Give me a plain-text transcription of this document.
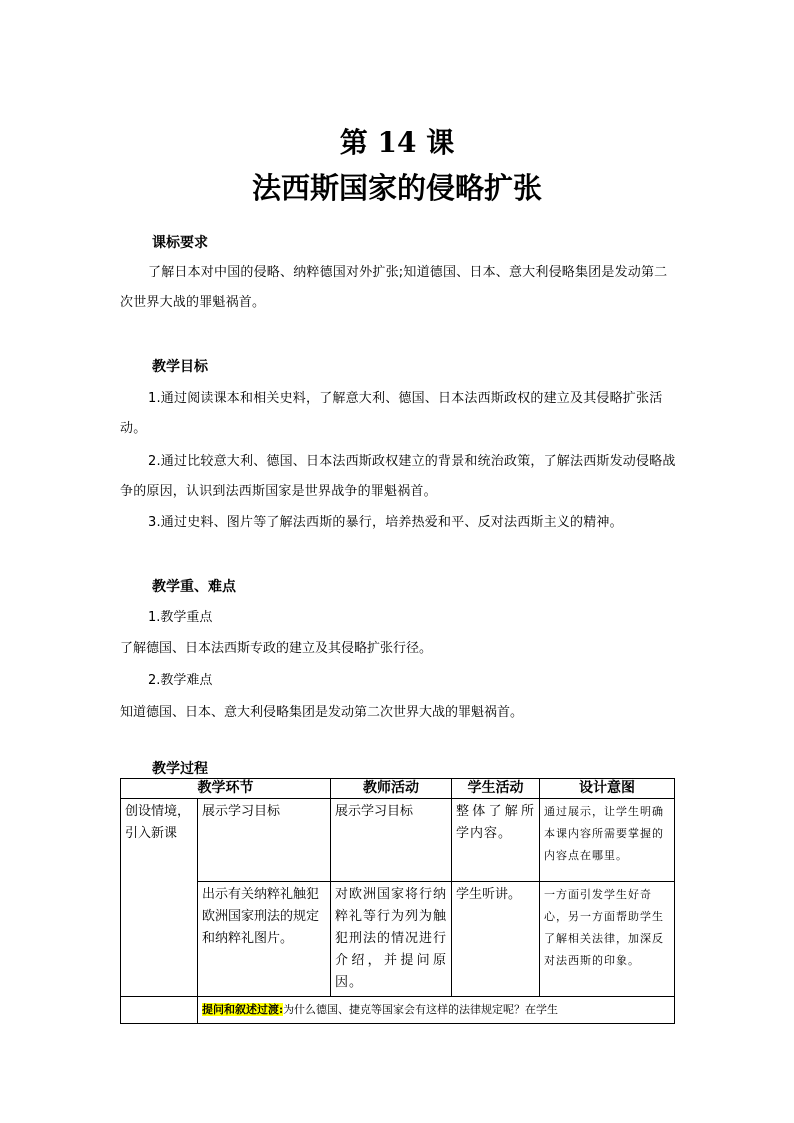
第 14 课
法西斯国家的侵略扩张
课标要求
了解日本对中国的侵略、纳粹德国对外扩张;知道德国、日本、意大利侵略集团是发动第二次世界大战的罪魁祸首。
教学目标
1.通过阅读课本和相关史料，了解意大利、德国、日本法西斯政权的建立及其侵略扩张活动。
2.通过比较意大利、德国、日本法西斯政权建立的背景和统治政策，了解法西斯发动侵略战争的原因，认识到法西斯国家是世界战争的罪魁祸首。
3.通过史料、图片等了解法西斯的暴行，培养热爱和平、反对法西斯主义的精神。
教学重、难点
1.教学重点
了解德国、日本法西斯专政的建立及其侵略扩张行径。
2.教学难点
知道德国、日本、意大利侵略集团是发动第二次世界大战的罪魁祸首。
教学过程
教学环节		教师活动	学生活动	设计意图
创设情境，引入新课	展示学习目标	展示学习目标	整体了解所学内容。	通过展示，让学生明确本课内容所需要掌握的内容点在哪里。
	出示有关纳粹礼触犯欧洲国家刑法的规定和纳粹礼图片。	对欧洲国家将行纳粹礼等行为列为触犯刑法的情况进行介绍，并提问原因。	学生听讲。	一方面引发学生好奇心，另一方面帮助学生了解相关法律，加深反对法西斯的印象。
	提问和叙述过渡:为什么德国、捷克等国家会有这样的法律规定呢？在学生			
